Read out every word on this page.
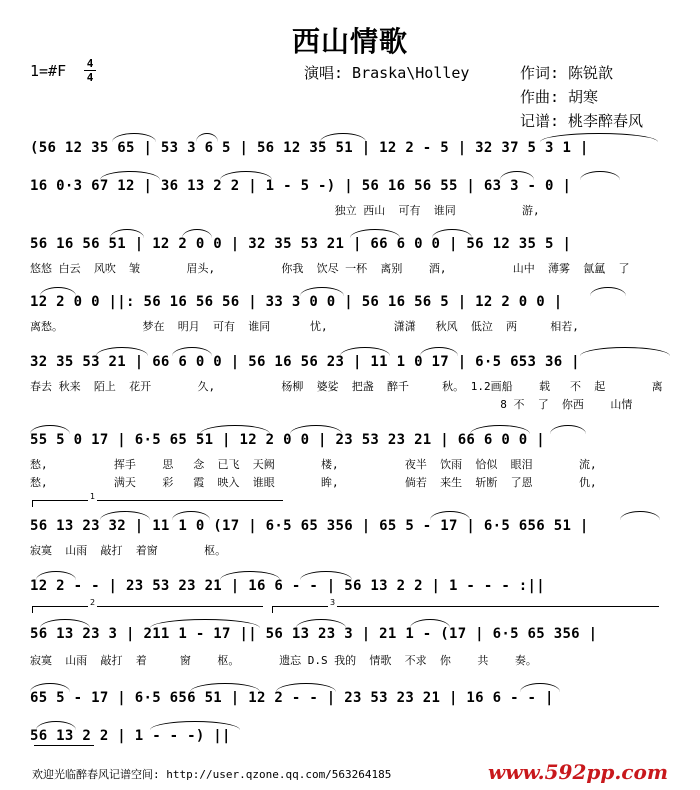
西山情歌
1=#F 4
4	演唱: Braska\Holley	作词: 陈锐歆
作曲: 胡寒
记谱: 桃李醉春风
(56 12 35 65 | 53 3 6 5 | 56 12 35 51 | 12 2 - 5 | 32 37 5 3 1 |
16 0·3 67 12 | 36 13 2 2 | 1 - 5 -) | 56 16 56 55 | 63 3 - 0 |
独立 西山  可有  谁同          游,
56 16 56 51 | 12 2 0 0 | 32 35 53 21 | 66 6 0 0 | 56 12 35 5 |
悠悠 白云  风吹  皱       眉头,          你我  饮尽 一杯  离别    酒,          山中  薄雾  氤氲  了
12 2 0 0 ||: 56 16 56 56 | 33 3 0 0 | 56 16 56 5 | 12 2 0 0 |
离愁。            梦在  明月  可有  谁同      忧,          潇潇   秋风  低泣  两     相若,
32 35 53 21 | 66 6 0 0 | 56 16 56 23 | 11 1 0 17 | 6·5 653 36 |
春去 秋来  陌上  花开       久,          杨柳  婆娑  把盏  醉千     秋。 1.2画船    载   不  起       离
8 不  了  你西    山情
55 5 0 17 | 6·5 65 51 | 12 2 0 0 | 23 53 23 21 | 66 6 0 0 |
愁,          挥手    思   念  已飞  天阙       楼,          夜半  饮雨  恰似  眼泪       流,
愁,          满天    彩   霞  映入  谁眼       眸,          倘若  来生  斩断  了恩       仇,
1
56 13 23 32 | 11 1 0 (17 | 6·5 65 356 | 65 5 - 17 | 6·5 656 51 |
寂寞  山雨  敲打  着窗       枢。
12 2 - - | 23 53 23 21 | 16 6 - - | 56 13 2 2 | 1 - - - :||
2	3
56 13 23 3 | 211 1 - 17 || 56 13 23 3 | 21 1 - (17 | 6·5 65 356 |
寂寞  山雨  敲打  着     窗    枢。      遗忘 D.S 我的  情歌  不求  你    共    奏。
65 5 - 17 | 6·5 656 51 | 12 2 - - | 23 53 23 21 | 16 6 - - |
56 13 2 2 | 1 - - -) ||
欢迎光临醉春风记谱空间: http://user.qzone.qq.com/563264185	www.592pp.com
